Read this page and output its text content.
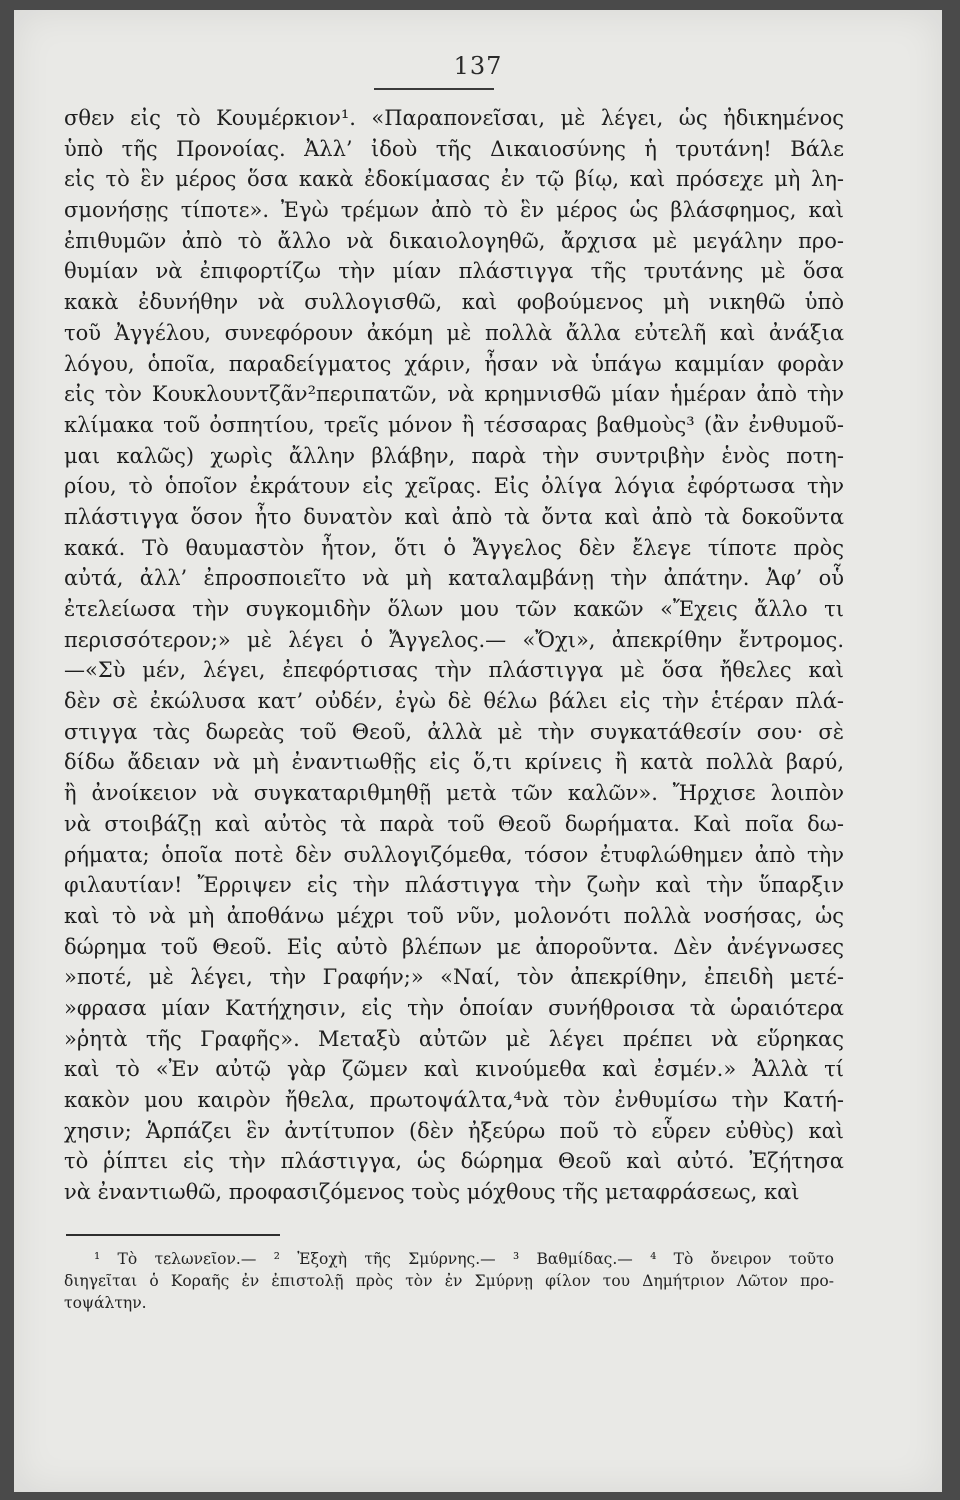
137
σθεν εἰς τὸ Κουμέρκιον¹. «Παραπονεῖσαι, μὲ λέγει, ὡς ἠδικημένος
ὑπὸ τῆς Προνοίας. Ἀλλ’ ἰδοὺ τῆς Δικαιοσύνης ἡ τρυτάνη! Βάλε
εἰς τὸ ἓν μέρος ὅσα κακὰ ἐδοκίμασας ἐν τῷ βίῳ, καὶ πρόσεχε μὴ λη-
σμονήσῃς τίποτε». Ἐγὼ τρέμων ἀπὸ τὸ ἓν μέρος ὡς βλάσφημος, καὶ
ἐπιθυμῶν ἀπὸ τὸ ἄλλο νὰ δικαιολογηθῶ, ἄρχισα μὲ μεγάλην προ-
θυμίαν νὰ ἐπιφορτίζω τὴν μίαν πλάστιγγα τῆς τρυτάνης μὲ ὅσα
κακὰ ἐδυνήθην νὰ συλλογισθῶ, καὶ φοβούμενος μὴ νικηθῶ ὑπὸ
τοῦ Ἀγγέλου, συνεφόρουν ἀκόμη μὲ πολλὰ ἄλλα εὐτελῆ καὶ ἀνάξια
λόγου, ὁποῖα, παραδείγματος χάριν, ἦσαν νὰ ὑπάγω καμμίαν φορὰν
εἰς τὸν Κουκλουντζᾶν²περιπατῶν, νὰ κρημνισθῶ μίαν ἡμέραν ἀπὸ τὴν
κλίμακα τοῦ ὀσπητίου, τρεῖς μόνον ἢ τέσσαρας βαθμοὺς³ (ἂν ἐνθυμοῦ-
μαι καλῶς) χωρὶς ἄλλην βλάβην, παρὰ τὴν συντριβὴν ἑνὸς ποτη-
ρίου, τὸ ὁποῖον ἐκράτουν εἰς χεῖρας. Εἰς ὀλίγα λόγια ἐφόρτωσα τὴν
πλάστιγγα ὅσον ἦτο δυνατὸν καὶ ἀπὸ τὰ ὄντα καὶ ἀπὸ τὰ δοκοῦντα
κακά. Τὸ θαυμαστὸν ἦτον, ὅτι ὁ Ἄγγελος δὲν ἔλεγε τίποτε πρὸς
αὐτά, ἀλλ’ ἐπροσποιεῖτο νὰ μὴ καταλαμβάνῃ τὴν ἀπάτην. Ἀφ’ οὗ
ἐτελείωσα τὴν συγκομιδὴν ὅλων μου τῶν κακῶν «Ἔχεις ἄλλο τι
περισσότερον;» μὲ λέγει ὁ Ἄγγελος.— «Ὄχι», ἀπεκρίθην ἔντρομος.
—«Σὺ μέν, λέγει, ἐπεφόρτισας τὴν πλάστιγγα μὲ ὅσα ἤθελες καὶ
δὲν σὲ ἐκώλυσα κατ’ οὐδέν, ἐγὼ δὲ θέλω βάλει εἰς τὴν ἑτέραν πλά-
στιγγα τὰς δωρεὰς τοῦ Θεοῦ, ἀλλὰ μὲ τὴν συγκατάθεσίν σου· σὲ
δίδω ἄδειαν νὰ μὴ ἐναντιωθῇς εἰς ὅ,τι κρίνεις ἢ κατὰ πολλὰ βαρύ,
ἢ ἀνοίκειον νὰ συγκαταριθμηθῇ μετὰ τῶν καλῶν». Ἤρχισε λοιπὸν
νὰ στοιβάζῃ καὶ αὐτὸς τὰ παρὰ τοῦ Θεοῦ δωρήματα. Καὶ ποῖα δω-
ρήματα; ὁποῖα ποτὲ δὲν συλλογιζόμεθα, τόσον ἐτυφλώθημεν ἀπὸ τὴν
φιλαυτίαν! Ἔρριψεν εἰς τὴν πλάστιγγα τὴν ζωὴν καὶ τὴν ὕπαρξιν
καὶ τὸ νὰ μὴ ἀποθάνω μέχρι τοῦ νῦν, μολονότι πολλὰ νοσήσας, ὡς
δώρημα τοῦ Θεοῦ. Εἰς αὐτὸ βλέπων με ἀποροῦντα. Δὲν ἀνέγνωσες
»ποτέ, μὲ λέγει, τὴν Γραφήν;» «Ναί, τὸν ἀπεκρίθην, ἐπειδὴ μετέ-
»φρασα μίαν Κατήχησιν, εἰς τὴν ὁποίαν συνήθροισα τὰ ὡραιότερα
»ῥητὰ τῆς Γραφῆς». Μεταξὺ αὐτῶν μὲ λέγει πρέπει νὰ εὕρηκας
καὶ τὸ «Ἐν αὐτῷ γὰρ ζῶμεν καὶ κινούμεθα καὶ ἐσμέν.» Ἀλλὰ τί
κακὸν μου καιρὸν ἤθελα, πρωτοψάλτα,⁴νὰ τὸν ἐνθυμίσω τὴν Κατή-
χησιν; Ἁρπάζει ἓν ἀντίτυπον (δὲν ἠξεύρω ποῦ τὸ εὗρεν εὐθὺς) καὶ
τὸ ῥίπτει εἰς τὴν πλάστιγγα, ὡς δώρημα Θεοῦ καὶ αὐτό. Ἐζήτησα
νὰ ἐναντιωθῶ, προφασιζόμενος τοὺς μόχθους τῆς μεταφράσεως, καὶ
¹ Τὸ τελωνεῖον.— ² Ἐξοχὴ τῆς Σμύρνης.— ³ Βαθμίδας.— ⁴ Τὸ ὄνειρον τοῦτο
διηγεῖται ὁ Κοραῆς ἐν ἐπιστολῇ πρὸς τὸν ἐν Σμύρνῃ φίλον του Δημήτριον Λῶτον προ-
τοψάλτην.
